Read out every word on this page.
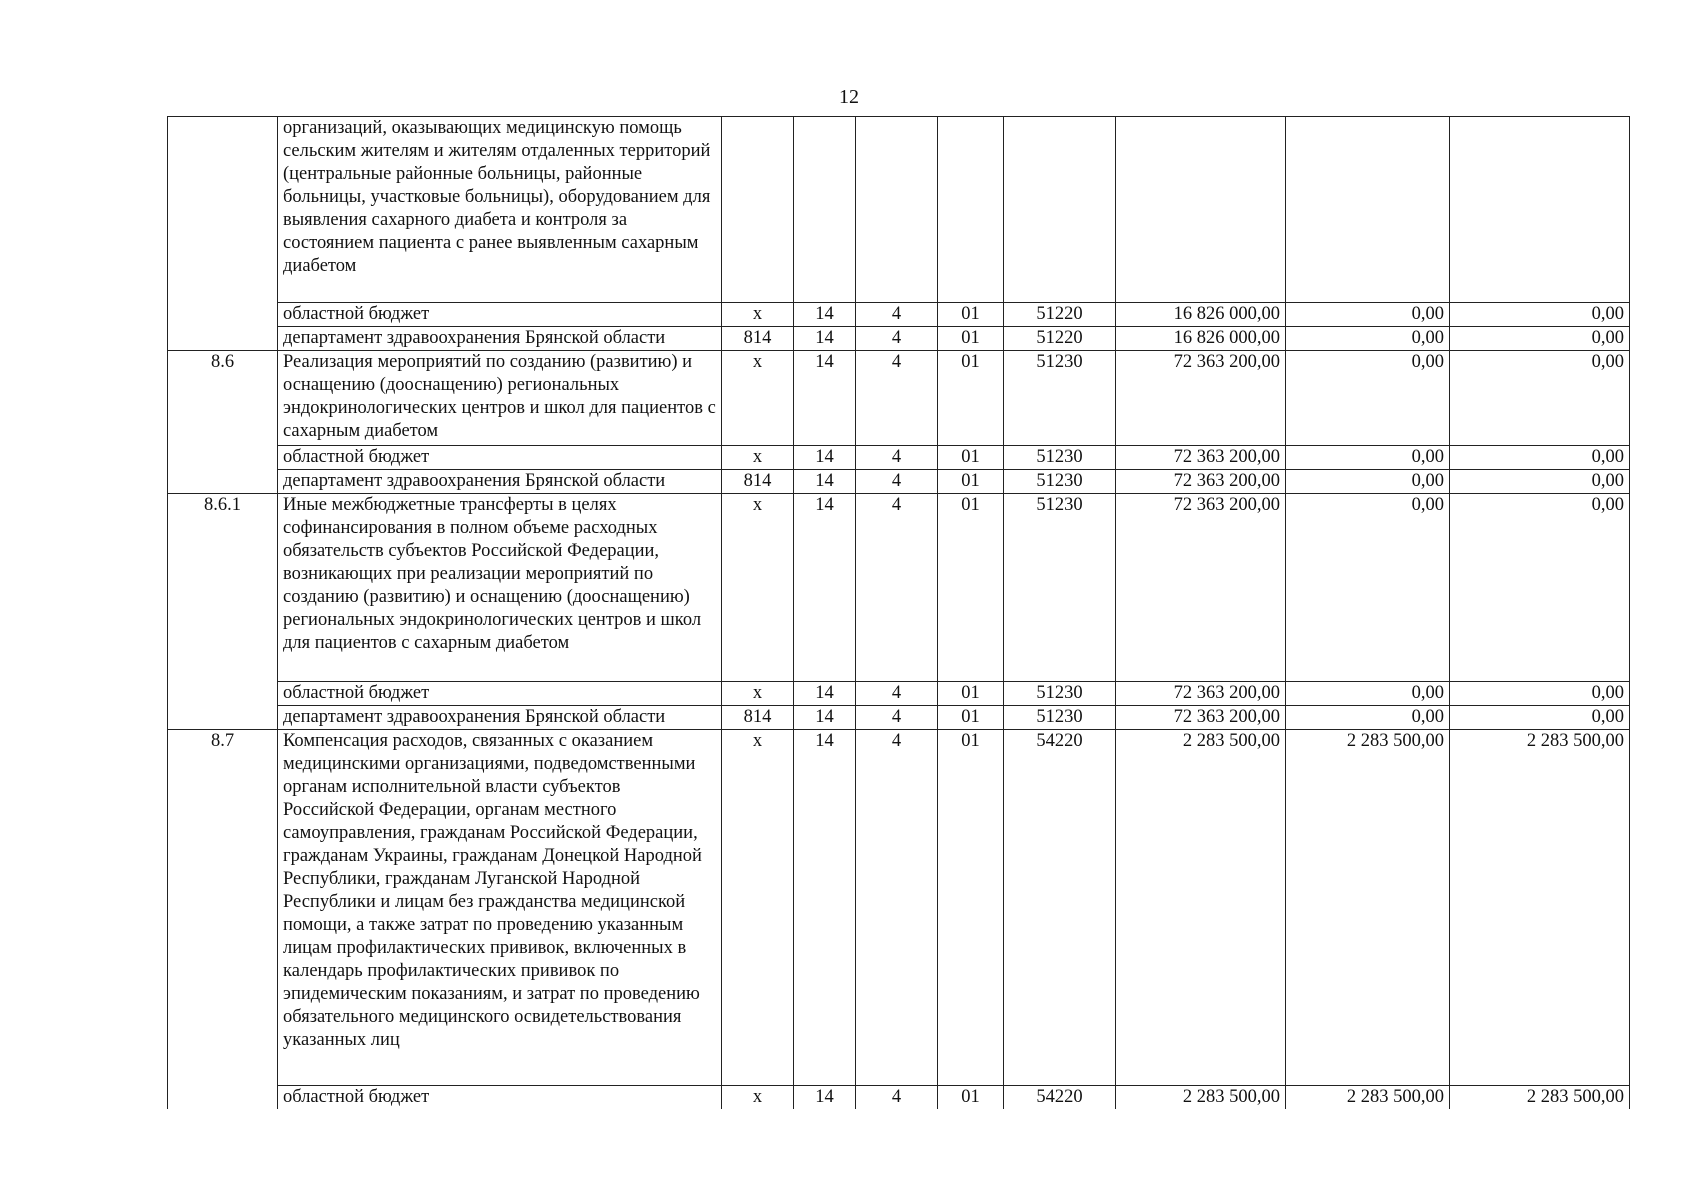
12
	организаций, оказывающих медицинскую помощь сельским жителям и жителям отдаленных территорий (центральные районные больницы, районные больницы, участковые больницы), оборудованием для выявления сахарного диабета и контроля за состоянием пациента с ранее выявленным сахарным диабетом								
	областной бюджет	х	14	4	01	51220	16 826 000,00	0,00	0,00
	департамент здравоохранения Брянской области	814	14	4	01	51220	16 826 000,00	0,00	0,00
8.6	Реализация мероприятий по созданию (развитию) и оснащению (дооснащению) региональных эндокринологических центров и школ для пациентов с сахарным диабетом	х	14	4	01	51230	72 363 200,00	0,00	0,00
	областной бюджет	х	14	4	01	51230	72 363 200,00	0,00	0,00
	департамент здравоохранения Брянской области	814	14	4	01	51230	72 363 200,00	0,00	0,00
8.6.1	Иные межбюджетные трансферты в целях софинансирования в полном объеме расходных обязательств субъектов Российской Федерации, возникающих при реализации мероприятий по созданию (развитию) и оснащению (дооснащению) региональных эндокринологических центров и школ для пациентов с сахарным диабетом	х	14	4	01	51230	72 363 200,00	0,00	0,00
	областной бюджет	х	14	4	01	51230	72 363 200,00	0,00	0,00
	департамент здравоохранения Брянской области	814	14	4	01	51230	72 363 200,00	0,00	0,00
8.7	Компенсация расходов, связанных с оказанием медицинскими организациями, подведомственными органам исполнительной власти субъектов Российской Федерации, органам местного самоуправления, гражданам Российской Федерации, гражданам Украины, гражданам Донецкой Народной Республики, гражданам Луганской Народной Республики и лицам без гражданства медицинской помощи, а также затрат по проведению указанным лицам профилактических прививок, включенных в календарь профилактических прививок по эпидемическим показаниям, и затрат по проведению обязательного медицинского освидетельствования указанных лиц	х	14	4	01	54220	2 283 500,00	2 283 500,00	2 283 500,00
	областной бюджет	х	14	4	01	54220	2 283 500,00	2 283 500,00	2 283 500,00
